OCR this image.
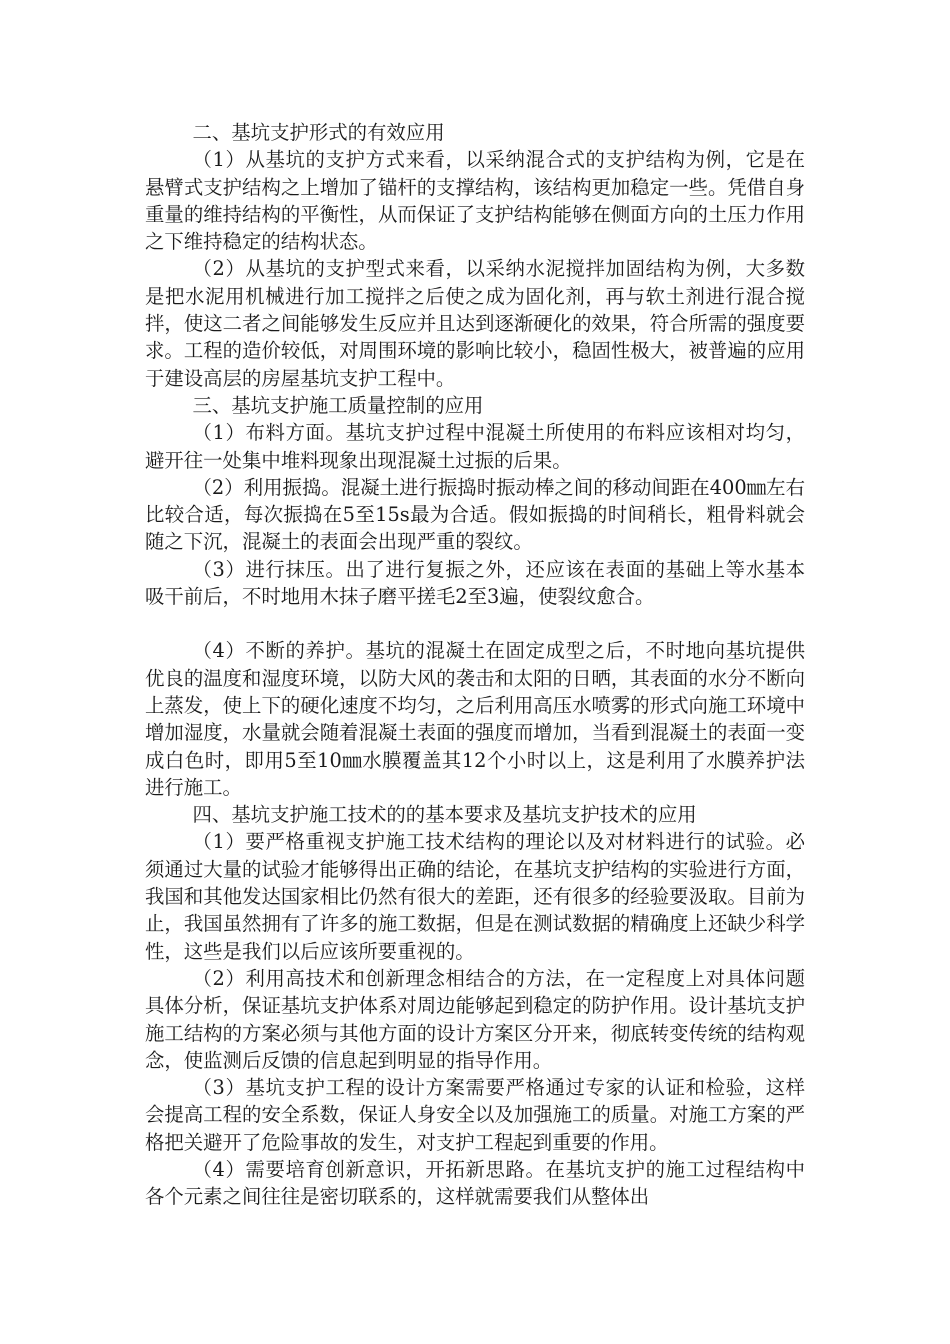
二、基坑支护形式的有效应用

（1）从基坑的支护方式来看，以采纳混合式的支护结构为例，它是在悬臂式支护结构之上增加了锚杆的支撑结构，该结构更加稳定一些。凭借自身重量的维持结构的平衡性，从而保证了支护结构能够在侧面方向的土压力作用之下维持稳定的结构状态。

（2）从基坑的支护型式来看，以采纳水泥搅拌加固结构为例，大多数是把水泥用机械进行加工搅拌之后使之成为固化剂，再与软土剂进行混合搅拌，使这二者之间能够发生反应并且达到逐渐硬化的效果，符合所需的强度要求。工程的造价较低，对周围环境的影响比较小，稳固性极大，被普遍的应用于建设高层的房屋基坑支护工程中。

三、基坑支护施工质量控制的应用

（1）布料方面。基坑支护过程中混凝土所使用的布料应该相对均匀，避开往一处集中堆料现象出现混凝土过振的后果。

（2）利用振捣。混凝土进行振捣时振动棒之间的移动间距在400㎜左右比较合适，每次振捣在5至15s最为合适。假如振捣的时间稍长，粗骨料就会随之下沉，混凝土的表面会出现严重的裂纹。

（3）进行抹压。出了进行复振之外，还应该在表面的基础上等水基本吸干前后，不时地用木抹子磨平搓毛2至3遍，使裂纹愈合。

（4）不断的养护。基坑的混凝土在固定成型之后，不时地向基坑提供优良的温度和湿度环境，以防大风的袭击和太阳的日晒，其表面的水分不断向上蒸发，使上下的硬化速度不均匀，之后利用高压水喷雾的形式向施工环境中增加湿度，水量就会随着混凝土表面的强度而增加，当看到混凝土的表面一变成白色时，即用5至10㎜水膜覆盖其12个小时以上，这是利用了水膜养护法进行施工。

四、基坑支护施工技术的的基本要求及基坑支护技术的应用

（1）要严格重视支护施工技术结构的理论以及对材料进行的试验。必须通过大量的试验才能够得出正确的结论，在基坑支护结构的实验进行方面，我国和其他发达国家相比仍然有很大的差距，还有很多的经验要汲取。目前为止，我国虽然拥有了许多的施工数据，但是在测试数据的精确度上还缺少科学性，这些是我们以后应该所要重视的。

（2）利用高技术和创新理念相结合的方法，在一定程度上对具体问题具体分析，保证基坑支护体系对周边能够起到稳定的防护作用。设计基坑支护施工结构的方案必须与其他方面的设计方案区分开来，彻底转变传统的结构观念，使监测后反馈的信息起到明显的指导作用。

（3）基坑支护工程的设计方案需要严格通过专家的认证和检验，这样会提高工程的安全系数，保证人身安全以及加强施工的质量。对施工方案的严格把关避开了危险事故的发生，对支护工程起到重要的作用。

（4）需要培育创新意识，开拓新思路。在基坑支护的施工过程结构中各个元素之间往往是密切联系的，这样就需要我们从整体出
